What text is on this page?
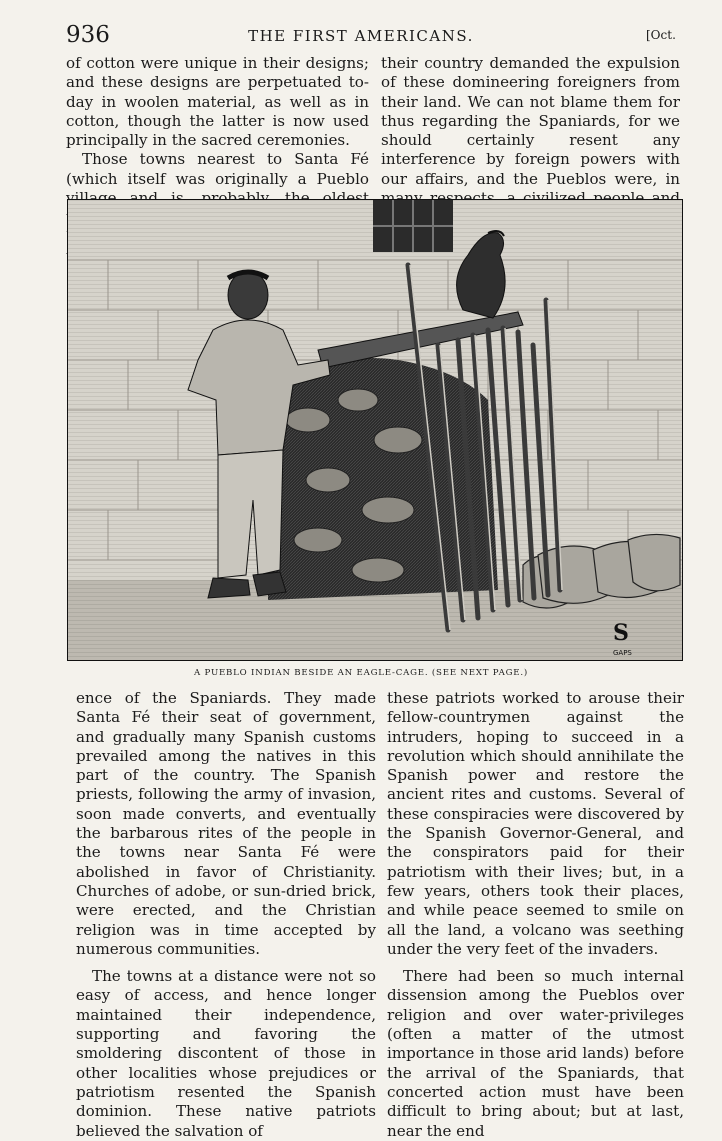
936	THE FIRST AMERICANS.	[Oct.

of cotton were unique in their designs; and these designs are perpetuated to-day in woolen material, as well as in cotton, though the latter is now used principally in the sacred ceremonies.

Those towns nearest to Santa Fé (which itself was originally a Pueblo

their country demanded the expulsion of these domineering foreigners from their land. We can not blame them for thus regarding the Spaniards, for we should certainly resent any interference by foreign powers with our affairs, and the Pueblos were, in

S
GAPS
A PUEBLO INDIAN BESIDE AN EAGLE-CAGE. (SEE NEXT PAGE.)

ence of the Spaniards. They made Santa Fé their seat of government, and gradually many Spanish customs prevailed among the natives in this part of the country. The Spanish priests, following the army of invasion, soon made converts, and eventually the barbarous rites of the people in the towns near Santa Fé were abolished in favor of Christianity. Churches of adobe, or sun-dried brick, were erected, and the Christian religion was in time accepted by numerous communities.

The towns at a distance were not so easy of access, and hence longer maintained their independence, supporting and favoring the smoldering discontent of those in other localities whose prejudices or patriotism resented the Spanish dominion. These native patriots believed the salvation of

these patriots worked to arouse their fellow-countrymen against the intruders, hoping to succeed in a revolution which should annihilate the Spanish power and restore the ancient rites and customs. Several of these conspiracies were discovered by the Spanish Governor-General, and the conspirators paid for their patriotism with their lives; but, in a few years, others took their places, and while peace seemed to smile on all the land, a volcano was seething under the very feet of the invaders.

There had been so much internal dissension among the Pueblos over religion and over water-privileges (often a matter of the utmost importance in those arid lands) before the arrival of the Spaniards, that concerted action must have been difficult to bring about; but at last, near the end
